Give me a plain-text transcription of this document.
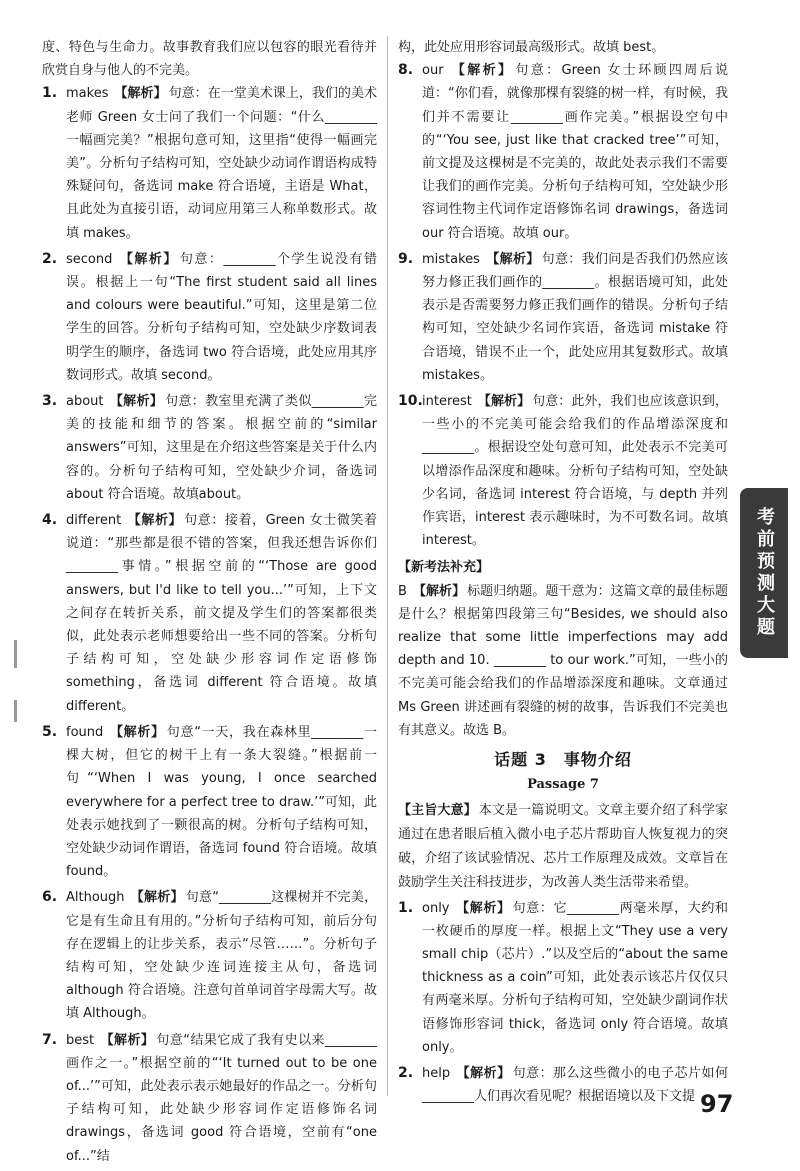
度、特色与生命力。故事教育我们应以包容的眼光看待并欣赏自身与他人的不完美。

1. makes 【解析】 句意：在一堂美术课上，我们的美术老师 Green 女士问了我们一个问题：“什么________一幅画完美？”根据句意可知，这里指“使得一幅画完美”。分析句子结构可知，空处缺少动词作谓语构成特殊疑问句，备选词 make 符合语境，主语是 What，且此处为直接引语，动词应用第三人称单数形式。故填 makes。

2. second 【解析】 句意：________个学生说没有错误。根据上一句“The first student said all lines and colours were beautiful.”可知，这里是第二位学生的回答。分析句子结构可知，空处缺少序数词表明学生的顺序，备选词 two 符合语境，此处应用其序数词形式。故填 second。

3. about 【解析】 句意：教室里充满了类似________完美的技能和细节的答案。根据空前的“similar answers”可知，这里是在介绍这些答案是关于什么内容的。分析句子结构可知，空处缺少介词，备选词 about 符合语境。故填about。

4. different 【解析】 句意：接着，Green 女士微笑着说道：“那些都是很不错的答案，但我还想告诉你们________事情。”根据空前的“‘Those are good answers, but I'd like to tell you...’”可知，上下文之间存在转折关系，前文提及学生们的答案都很类似，此处表示老师想要给出一些不同的答案。分析句子结构可知，空处缺少形容词作定语修饰 something，备选词 different 符合语境。故填 different。

5. found 【解析】 句意“一天，我在森林里________一棵大树，但它的树干上有一条大裂缝。”根据前一句“‘When I was young, I once searched everywhere for a perfect tree to draw.’”可知，此处表示她找到了一颗很高的树。分析句子结构可知，空处缺少动词作谓语，备选词 found 符合语境。故填 found。

6. Although 【解析】 句意“________这棵树并不完美，它是有生命且有用的。”分析句子结构可知，前后分句存在逻辑上的让步关系，表示“尽管……”。分析句子结构可知，空处缺少连词连接主从句，备选词 although 符合语境。注意句首单词首字母需大写。故填 Although。

7. best 【解析】 句意“结果它成了我有史以来________画作之一。”根据空前的“‘It turned out to be one of...’”可知，此处表示表示她最好的作品之一。分析句子结构可知，此处缺少形容词作定语修饰名词 drawings，备选词 good 符合语境，空前有“one of...”结

构，此处应用形容词最高级形式。故填 best。

8. our 【解析】 句意：Green 女士环顾四周后说道：“你们看，就像那棵有裂缝的树一样，有时候，我们并不需要让________画作完美。”根据设空句中的“‘You see, just like that cracked tree’”可知，前文提及这棵树是不完美的，故此处表示我们不需要让我们的画作完美。分析句子结构可知，空处缺少形容词性物主代词作定语修饰名词 drawings，备选词 our 符合语境。故填 our。

9. mistakes 【解析】 句意：我们问是否我们仍然应该努力修正我们画作的________。根据语境可知，此处表示是否需要努力修正我们画作的错误。分析句子结构可知，空处缺少名词作宾语，备选词 mistake 符合语境，错误不止一个，此处应用其复数形式。故填 mistakes。

10. interest 【解析】 句意：此外，我们也应该意识到，一些小的不完美可能会给我们的作品增添深度和________。根据设空处句意可知，此处表示不完美可以增添作品深度和趣味。分析句子结构可知，空处缺少名词，备选词 interest 符合语境，与 depth 并列作宾语，interest 表示趣味时，为不可数名词。故填 interest。

【新考法补充】

B 【解析】 标题归纳题。题干意为：这篇文章的最佳标题是什么？根据第四段第三句“Besides, we should also realize that some little imperfections may add depth and 10. ________ to our work.”可知，一些小的不完美可能会给我们的作品增添深度和趣味。文章通过 Ms Green 讲述画有裂缝的树的故事，告诉我们不完美也有其意义。故选 B。

话题 3　事物介绍
Passage 7

【主旨大意】 本文是一篇说明文。文章主要介绍了科学家通过在患者眼后植入微小电子芯片帮助盲人恢复视力的突破，介绍了该试验情况、芯片工作原理及成效。文章旨在鼓励学生关注科技进步，为改善人类生活带来希望。

1. only 【解析】 句意：它________两毫米厚，大约和一枚硬币的厚度一样。根据上文“They use a very small chip（芯片）.”以及空后的“about the same thickness as a coin”可知，此处表示该芯片仅仅只有两毫米厚。分析句子结构可知，空处缺少副词作状语修饰形容词 thick，备选词 only 符合语境。故填 only。

2. help 【解析】 句意：那么这些微小的电子芯片如何________人们再次看见呢？根据语境以及下文提

考前预测大题
97
